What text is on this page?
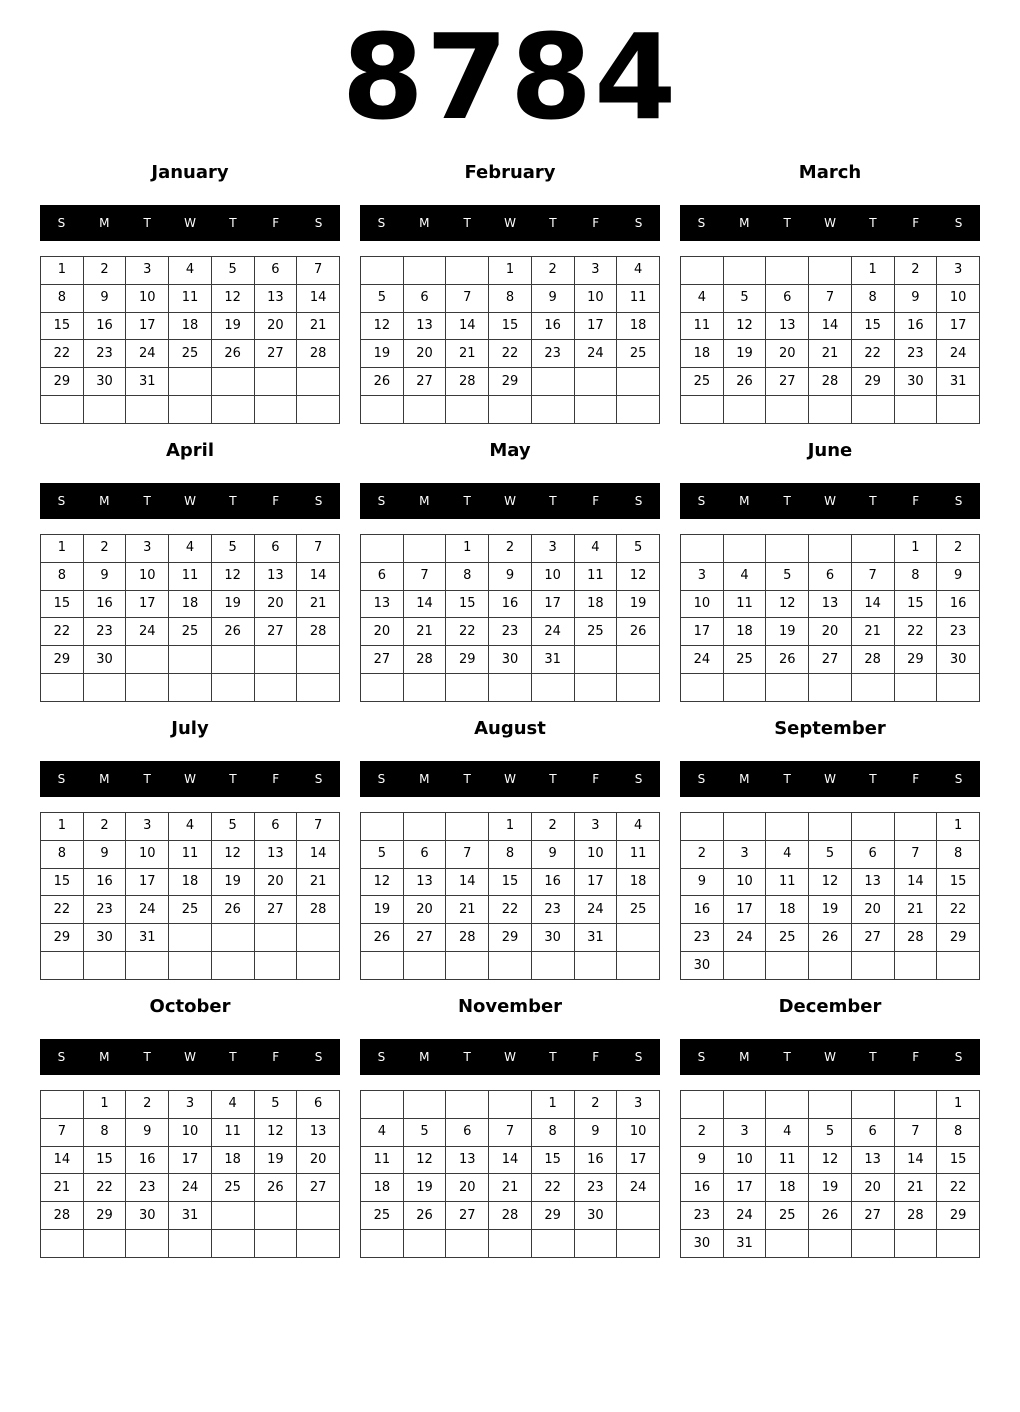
8784
January
S	M	T	W	T	F	S
1	2	3	4	5	6	7
8	9	10	11	12	13	14
15	16	17	18	19	20	21
22	23	24	25	26	27	28
29	30	31				

February
S	M	T	W	T	F	S
			1	2	3	4
5	6	7	8	9	10	11
12	13	14	15	16	17	18
19	20	21	22	23	24	25
26	27	28	29			

March
S	M	T	W	T	F	S
				1	2	3
4	5	6	7	8	9	10
11	12	13	14	15	16	17
18	19	20	21	22	23	24
25	26	27	28	29	30	31

April
S	M	T	W	T	F	S
1	2	3	4	5	6	7
8	9	10	11	12	13	14
15	16	17	18	19	20	21
22	23	24	25	26	27	28
29	30					

May
S	M	T	W	T	F	S
		1	2	3	4	5
6	7	8	9	10	11	12
13	14	15	16	17	18	19
20	21	22	23	24	25	26
27	28	29	30	31		

June
S	M	T	W	T	F	S
					1	2
3	4	5	6	7	8	9
10	11	12	13	14	15	16
17	18	19	20	21	22	23
24	25	26	27	28	29	30

July
S	M	T	W	T	F	S
1	2	3	4	5	6	7
8	9	10	11	12	13	14
15	16	17	18	19	20	21
22	23	24	25	26	27	28
29	30	31				

August
S	M	T	W	T	F	S
			1	2	3	4
5	6	7	8	9	10	11
12	13	14	15	16	17	18
19	20	21	22	23	24	25
26	27	28	29	30	31	

September
S	M	T	W	T	F	S
						1
2	3	4	5	6	7	8
9	10	11	12	13	14	15
16	17	18	19	20	21	22
23	24	25	26	27	28	29
30						
October
S	M	T	W	T	F	S
	1	2	3	4	5	6
7	8	9	10	11	12	13
14	15	16	17	18	19	20
21	22	23	24	25	26	27
28	29	30	31			

November
S	M	T	W	T	F	S
				1	2	3
4	5	6	7	8	9	10
11	12	13	14	15	16	17
18	19	20	21	22	23	24
25	26	27	28	29	30	

December
S	M	T	W	T	F	S
						1
2	3	4	5	6	7	8
9	10	11	12	13	14	15
16	17	18	19	20	21	22
23	24	25	26	27	28	29
30	31					
